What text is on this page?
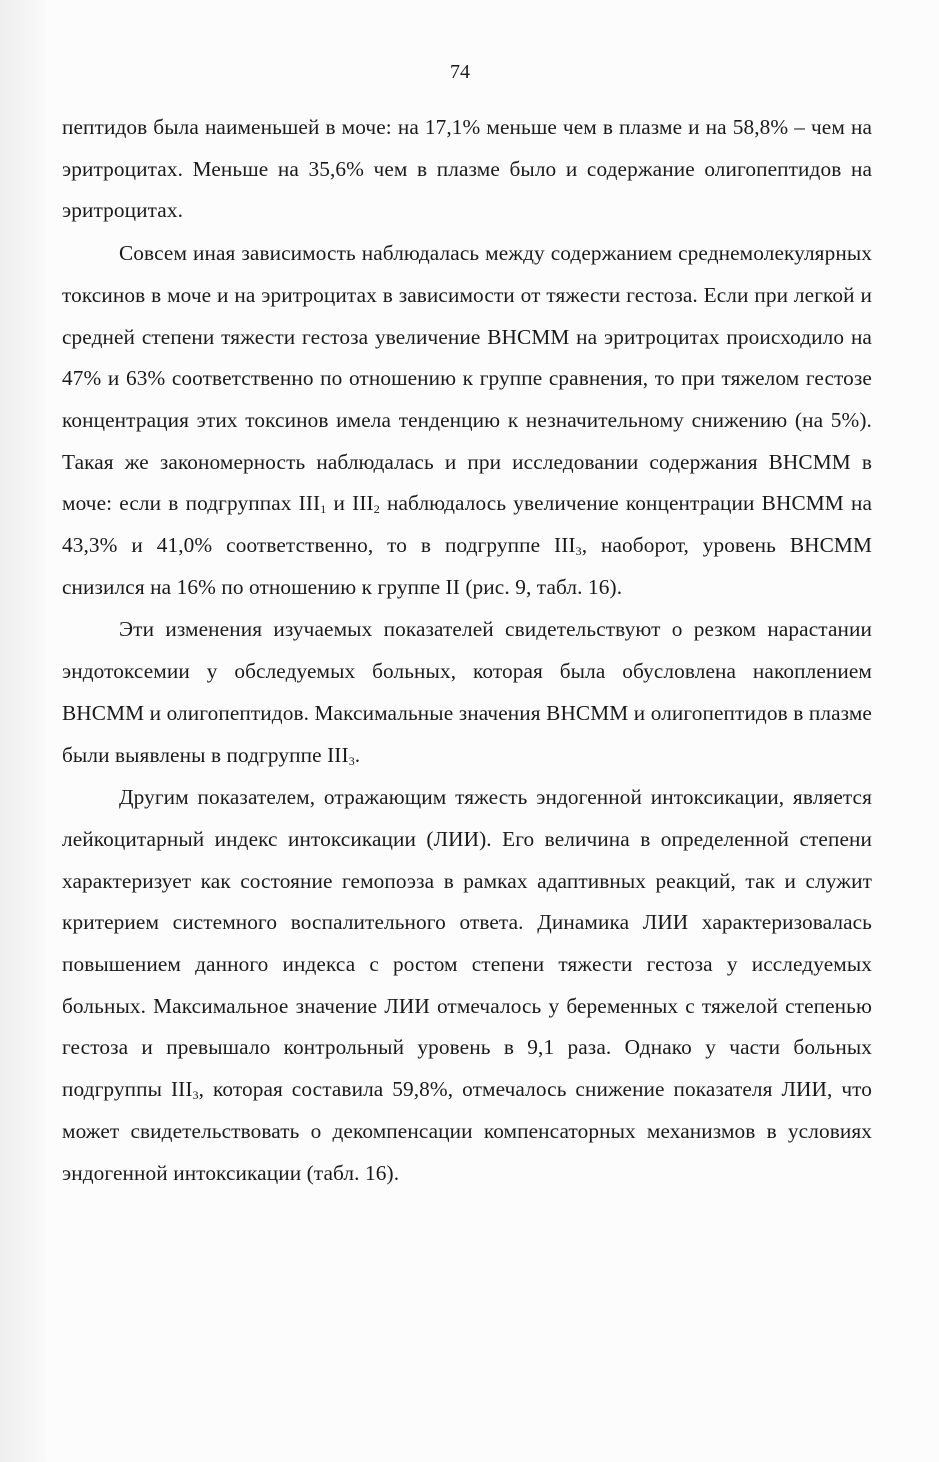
74

пептидов была наименьшей в моче: на 17,1% меньше чем в плазме и на 58,8% – чем на эритроцитах. Меньше на 35,6% чем в плазме было и содержание олигопептидов на эритроцитах.

Совсем иная зависимость наблюдалась между содержанием среднемолекулярных токсинов в моче и на эритроцитах в зависимости от тяжести гестоза. Если при легкой и средней степени тяжести гестоза увеличение ВНСММ на эритроцитах происходило на 47% и 63% соответственно по отношению к группе сравнения, то при тяжелом гестозе концентрация этих токсинов имела тенденцию к незначительному снижению (на 5%). Такая же закономерность наблюдалась и при исследовании содержания ВНСММ в моче: если в подгруппах $III_1$ и $III_2$ наблюдалось увеличение концентрации ВНСММ на 43,3% и 41,0% соответственно, то в подгруппе $III_3$, наоборот, уровень ВНСММ снизился на 16% по отношению к группе II (рис. 9, табл. 16).

Эти изменения изучаемых показателей свидетельствуют о резком нарастании эндотоксемии у обследуемых больных, которая была обусловлена накоплением ВНСММ и олигопептидов. Максимальные значения ВНСММ и олигопептидов в плазме были выявлены в подгруппе $III_3$.

Другим показателем, отражающим тяжесть эндогенной интоксикации, является лейкоцитарный индекс интоксикации (ЛИИ). Его величина в определенной степени характеризует как состояние гемопоэза в рамках адаптивных реакций, так и служит критерием системного воспалительного ответа. Динамика ЛИИ характеризовалась повышением данного индекса с ростом степени тяжести гестоза у исследуемых больных. Максимальное значение ЛИИ отмечалось у беременных с тяжелой степенью гестоза и превышало контрольный уровень в 9,1 раза. Однако у части больных подгруппы $III_3$, которая составила 59,8%, отмечалось снижение показателя ЛИИ, что может свидетельствовать о декомпенсации компенсаторных механизмов в условиях эндогенной интоксикации (табл. 16).
